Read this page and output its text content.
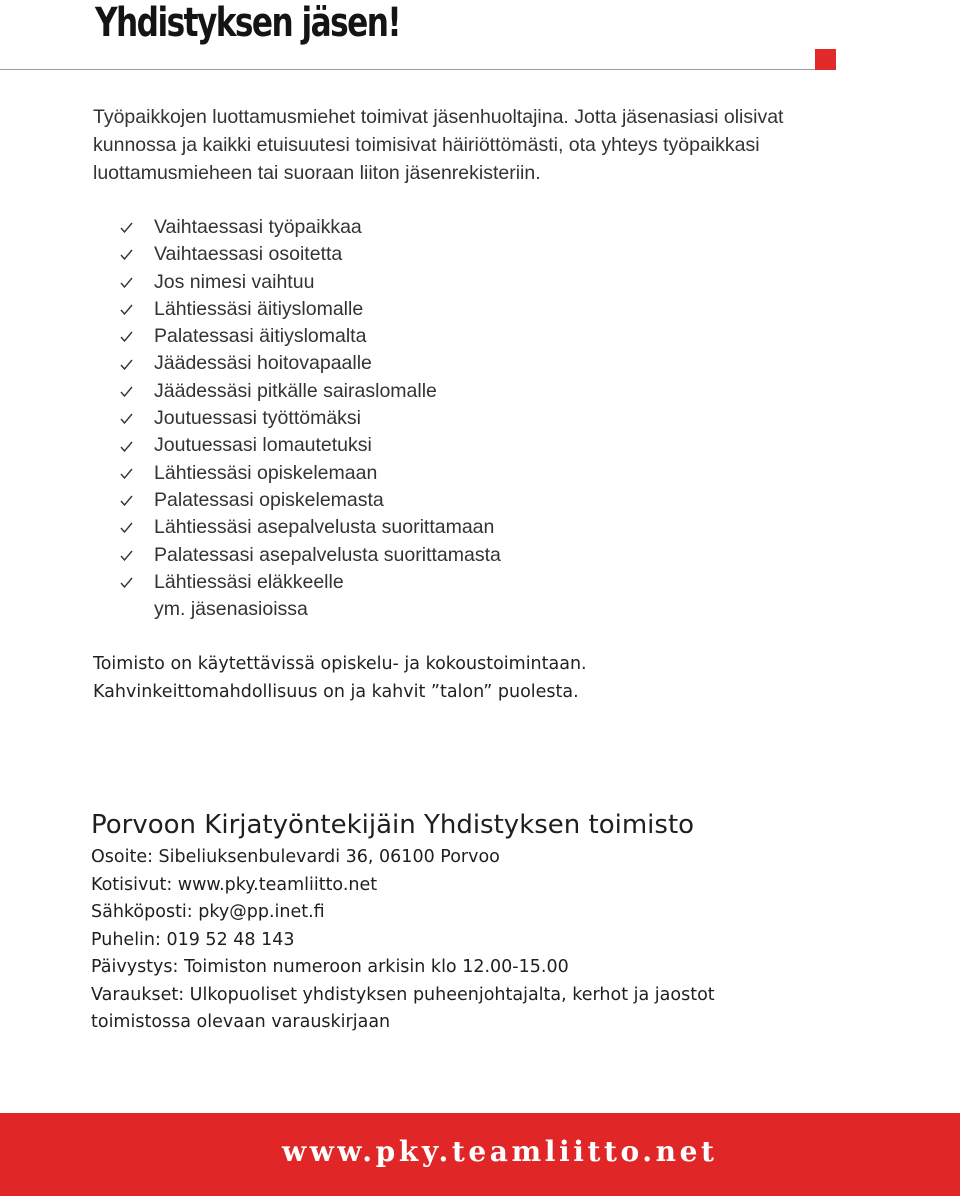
Yhdistyksen jäsen!

Työpaikkojen luottamusmiehet toimivat jäsenhuoltajina. Jotta jäsenasiasi olisivat kunnossa ja kaikki etuisuutesi toimisivat häiriöttömästi, ota yhteys työpaikkasi luottamusmieheen tai suoraan liiton jäsenrekisteriin.

Vaihtaessasi työpaikkaa
Vaihtaessasi osoitetta
Jos nimesi vaihtuu
Lähtiessäsi äitiyslomalle
Palatessasi äitiyslomalta
Jäädessäsi hoitovapaalle
Jäädessäsi pitkälle sairaslomalle
Joutuessasi työttömäksi
Joutuessasi lomautetuksi
Lähtiessäsi opiskelemaan
Palatessasi opiskelemasta
Lähtiessäsi asepalvelusta suorittamaan
Palatessasi asepalvelusta suorittamasta
Lähtiessäsi eläkkeelle

ym. jäsenasioissa

Toimisto on käytettävissä opiskelu- ja kokoustoimintaan.
Kahvinkeittomahdollisuus on ja kahvit ”talon” puolesta.
Porvoon Kirjatyöntekijäin Yhdistyksen toimisto
Osoite: Sibeliuksenbulevardi 36, 06100 Porvoo
Kotisivut: www.pky.teamliitto.net
Sähköposti: pky@pp.inet.fi
Puhelin: 019 52 48 143
Päivystys: Toimiston numeroon arkisin klo 12.00-15.00
Varaukset: Ulkopuoliset yhdistyksen puheenjohtajalta, kerhot ja jaostot
toimistossa olevaan varauskirjaan

www.pky.teamliitto.net
